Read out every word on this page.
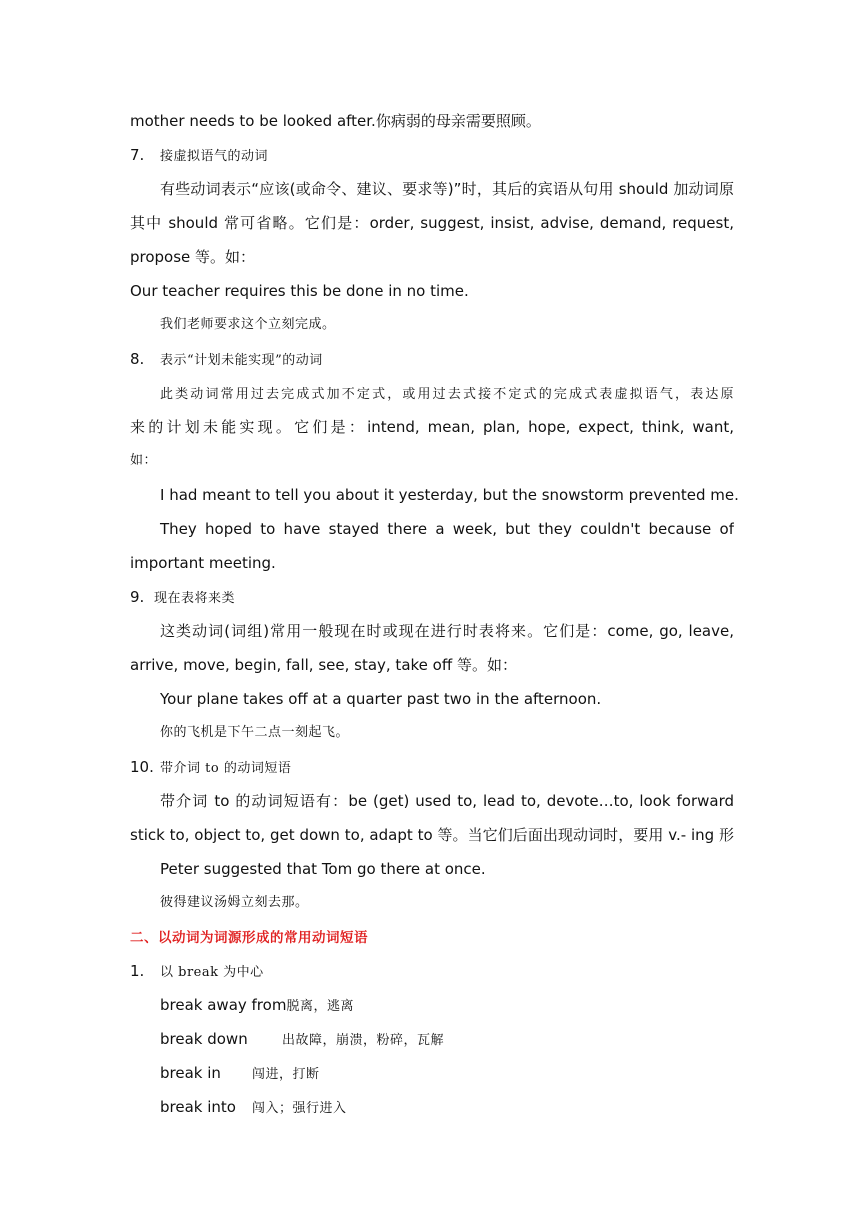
mother needs to be looked after.你病弱的母亲需要照顾。
7. 接虚拟语气的动词
有些动词表示“应该(或命令、建议、要求等)”时，其后的宾语从句用 should 加动词原
其中 should 常可省略。它们是：order, suggest, insist, advise, demand, request,
propose 等。如：
Our teacher requires this be done in no time.
我们老师要求这个立刻完成。
8. 表示“计划未能实现”的动词
此类动词常用过去完成式加不定式，或用过去式接不定式的完成式表虚拟语气，表达原
来的计划未能实现。它们是：intend, mean, plan, hope, expect, think, want,
如：
I had meant to tell you about it yesterday, but the snowstorm prevented me.
They hoped to have stayed there a week, but they couldn't because of
important meeting.
9. 现在表将来类
这类动词(词组)常用一般现在时或现在进行时表将来。它们是：come, go, leave,
arrive, move, begin, fall, see, stay, take off 等。如：
Your plane takes off at a quarter past two in the afternoon.
你的飞机是下午二点一刻起飞。
10. 带介词 to 的动词短语
带介词 to 的动词短语有：be (get) used to, lead to, devote…to, look forward
stick to, object to, get down to, adapt to 等。当它们后面出现动词时，要用 v.- ing 形
Peter suggested that Tom go there at once.
彼得建议汤姆立刻去那。
二、以动词为词源形成的常用动词短语
1. 以 break 为中心
break away from脱离，逃离
break down	出故障，崩溃，粉碎，瓦解
break in 闯进，打断
break into 闯入；强行进入
